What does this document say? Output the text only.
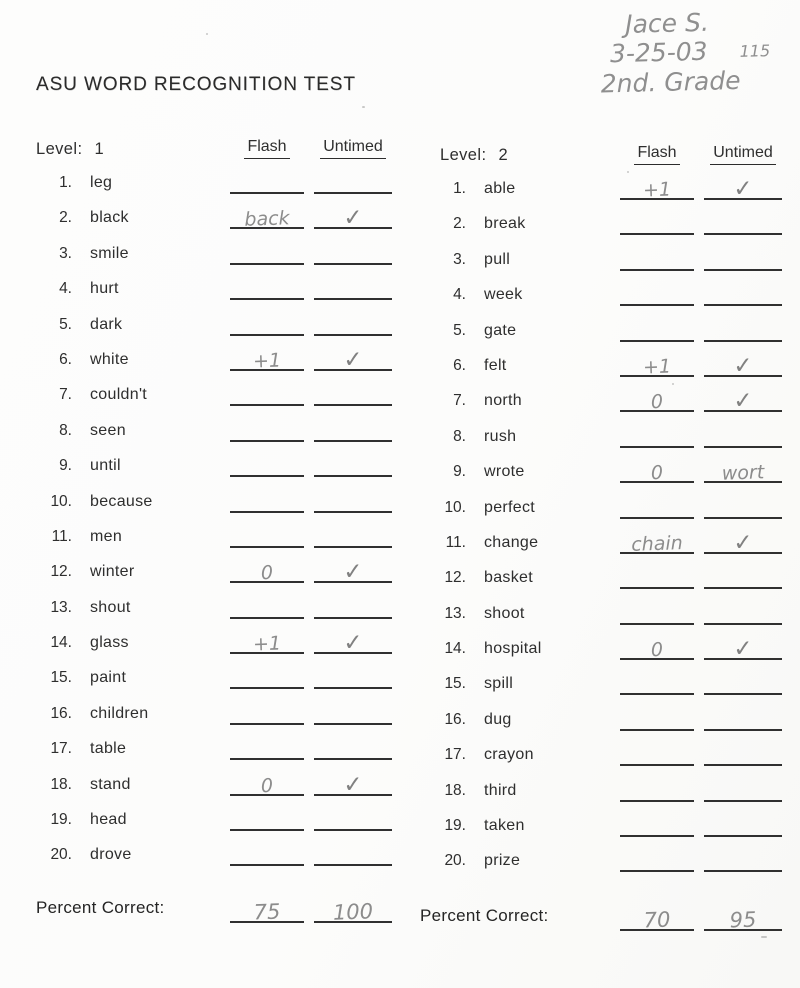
ASU WORD RECOGNITION TEST
Jace S.
3-25-03 115
2nd. Grade
Level: 1	Flash	Untimed
1. leg
2. black	back	✓
3. smile
4. hurt
5. dark
6. white	+1	✓
7. couldn't
8. seen
9. until
10. because
11. men
12. winter	0	✓
13. shout
14. glass	+1	✓
15. paint
16. children
17. table
18. stand	0	✓
19. head
20. drove
Percent Correct:	75	100
Level: 2	Flash	Untimed
1. able	+1	✓
2. break
3. pull
4. week
5. gate
6. felt	+1	✓
7. north	0	✓
8. rush
9. wrote	0	wort
10. perfect
11. change	chain	✓
12. basket
13. shoot
14. hospital	0	✓
15. spill
16. dug
17. crayon
18. third
19. taken
20. prize
Percent Correct:	70	95
